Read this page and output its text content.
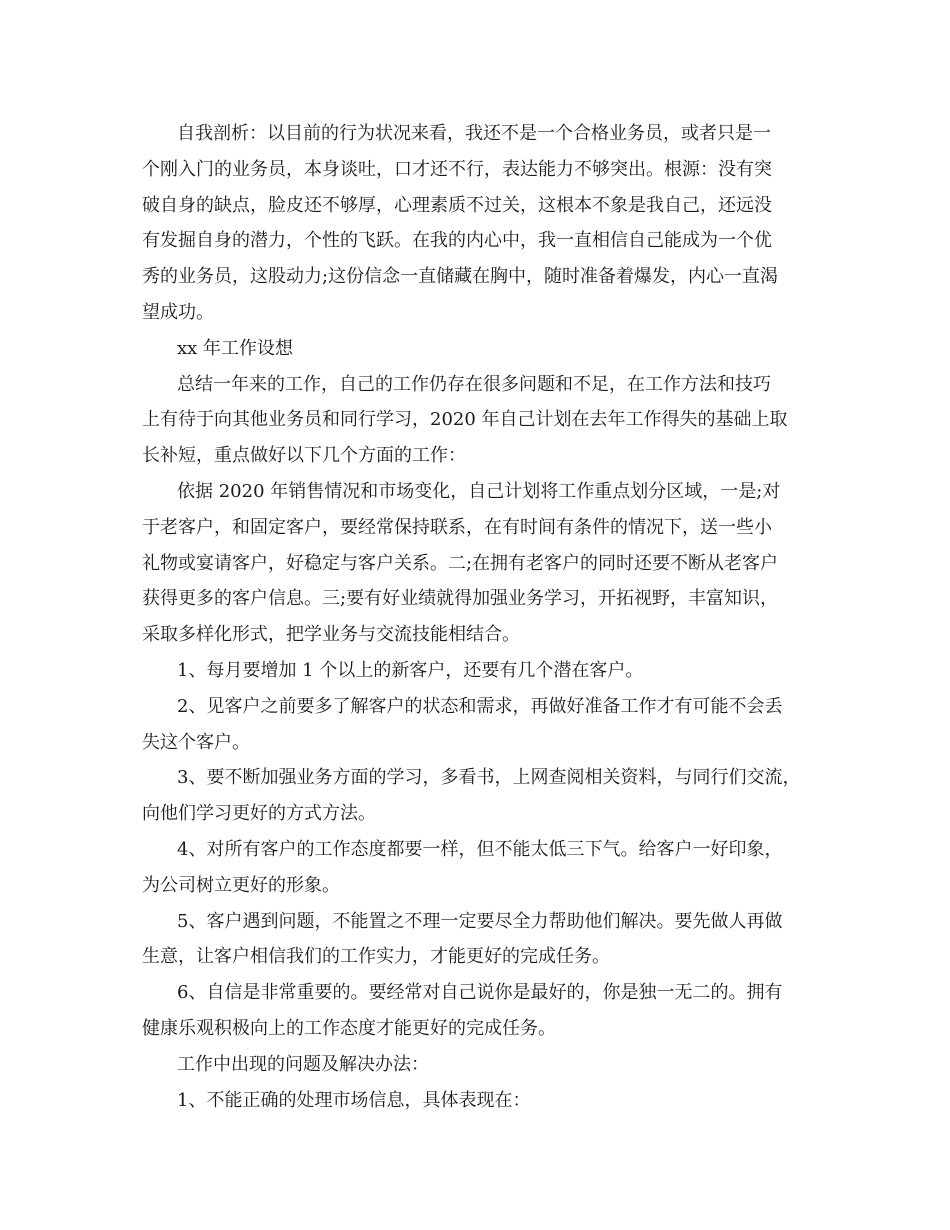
自我剖析：以目前的行为状况来看，我还不是一个合格业务员，或者只是一
个刚入门的业务员，本身谈吐，口才还不行，表达能力不够突出。根源：没有突
破自身的缺点，脸皮还不够厚，心理素质不过关，这根本不象是我自己，还远没
有发掘自身的潜力，个性的飞跃。在我的内心中，我一直相信自己能成为一个优
秀的业务员，这股动力;这份信念一直储藏在胸中，随时准备着爆发，内心一直渴
望成功。
xx 年工作设想
总结一年来的工作，自己的工作仍存在很多问题和不足，在工作方法和技巧
上有待于向其他业务员和同行学习，2020 年自己计划在去年工作得失的基础上取
长补短，重点做好以下几个方面的工作：
依据 2020 年销售情况和市场变化，自己计划将工作重点划分区域，一是;对
于老客户，和固定客户，要经常保持联系，在有时间有条件的情况下，送一些小
礼物或宴请客户，好稳定与客户关系。二;在拥有老客户的同时还要不断从老客户
获得更多的客户信息。三;要有好业绩就得加强业务学习，开拓视野，丰富知识，
采取多样化形式，把学业务与交流技能相结合。
1、每月要增加 1 个以上的新客户，还要有几个潜在客户。
2、见客户之前要多了解客户的状态和需求，再做好准备工作才有可能不会丢
失这个客户。
3、要不断加强业务方面的学习，多看书，上网查阅相关资料，与同行们交流，
向他们学习更好的方式方法。
4、对所有客户的工作态度都要一样，但不能太低三下气。给客户一好印象，
为公司树立更好的形象。
5、客户遇到问题，不能置之不理一定要尽全力帮助他们解决。要先做人再做
生意，让客户相信我们的工作实力，才能更好的完成任务。
6、自信是非常重要的。要经常对自己说你是最好的，你是独一无二的。拥有
健康乐观积极向上的工作态度才能更好的完成任务。
工作中出现的问题及解决办法：
1、不能正确的处理市场信息，具体表现在：
